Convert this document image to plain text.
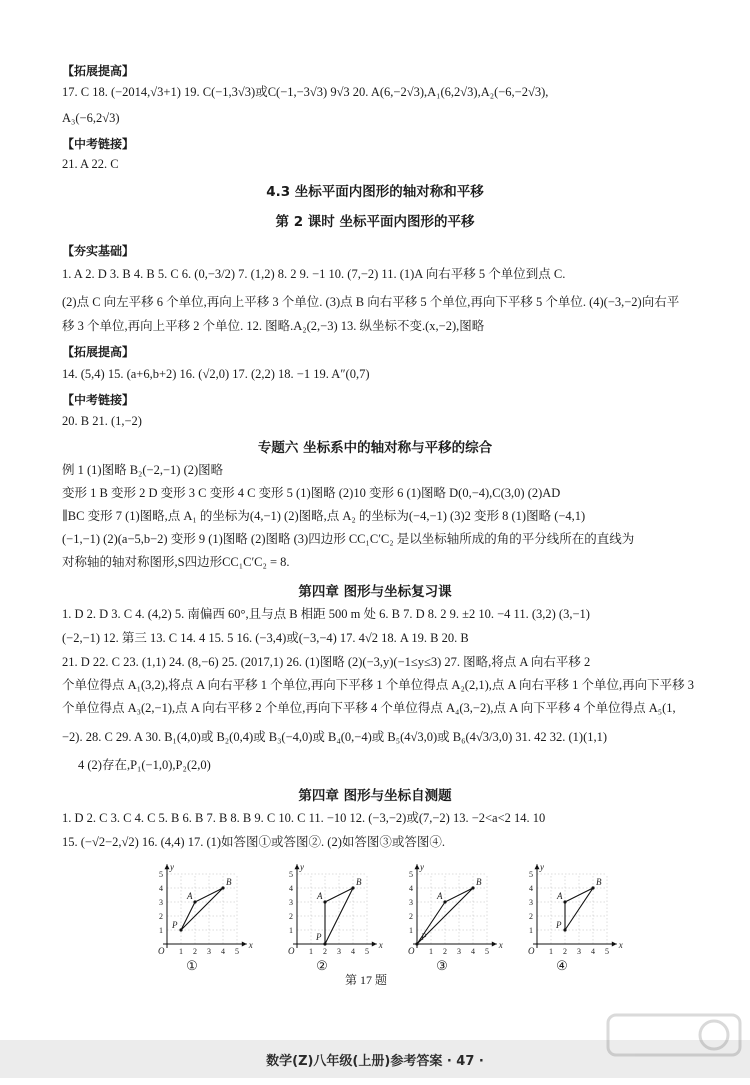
【拓展提高】
17. C 18. (−2014,√3+1) 19. C(−1,3√3)或C(−1,−3√3) 9√3 20. A(6,−2√3),A₁(6,2√3),A₂(−6,−2√3),
A₃(−6,2√3)
【中考链接】
21. A 22. C
4.3 坐标平面内图形的轴对称和平移
第 2 课时 坐标平面内图形的平移
【夯实基础】
1. A 2. D 3. B 4. B 5. C 6. (0,−3/2) 7. (1,2) 8. 2 9. −1 10. (7,−2) 11. (1)A 向右平移 5 个单位到点 C.
(2)点 C 向左平移 6 个单位,再向上平移 3 个单位. (3)点 B 向右平移 5 个单位,再向下平移 5 个单位. (4)(−3,−2)向右平
移 3 个单位,再向上平移 2 个单位. 12. 图略.A₂(2,−3) 13. 纵坐标不变.(x,−2),图略
【拓展提高】
14. (5,4) 15. (a+6,b+2) 16. (√2,0) 17. (2,2) 18. −1 19. A″(0,7)
【中考链接】
20. B 21. (1,−2)
专题六 坐标系中的轴对称与平移的综合
例 1 (1)图略 B₂(−2,−1) (2)图略
变形 1 B 变形 2 D 变形 3 C 变形 4 C 变形 5 (1)图略 (2)10 变形 6 (1)图略 D(0,−4),C(3,0) (2)AD
∥BC 变形 7 (1)图略,点 A₁ 的坐标为(4,−1) (2)图略,点 A₂ 的坐标为(−4,−1) (3)2 变形 8 (1)图略 (−4,1)
(−1,−1) (2)(a−5,b−2) 变形 9 (1)图略 (2)图略 (3)四边形 CC₁C′C₂ 是以坐标轴所成的角的平分线所在的直线为
对称轴的轴对称图形,S四边形CC₁C′C₂ = 8.
第四章 图形与坐标复习课
1. D 2. D 3. C 4. (4,2) 5. 南偏西 60°,且与点 B 相距 500 m 处 6. B 7. D 8. 2 9. ±2 10. −4 11. (3,2) (3,−1)
(−2,−1) 12. 第三 13. C 14. 4 15. 5 16. (−3,4)或(−3,−4) 17. 4√2 18. A 19. B 20. B
21. D 22. C 23. (1,1) 24. (8,−6) 25. (2017,1) 26. (1)图略 (2)(−3,y)(−1≤y≤3) 27. 图略,将点 A 向右平移 2
个单位得点 A₁(3,2),将点 A 向右平移 1 个单位,再向下平移 1 个单位得点 A₂(2,1),点 A 向右平移 1 个单位,再向下平移 3
个单位得点 A₃(2,−1),点 A 向右平移 2 个单位,再向下平移 4 个单位得点 A₄(3,−2),点 A 向下平移 4 个单位得点 A₅(1,
−2). 28. C 29. A 30. B₁(4,0)或 B₂(0,4)或 B₃(−4,0)或 B₄(0,−4)或 B₅(4√3,0)或 B₆(4√3/3,0) 31. 42 32. (1)(1,1)
4 (2)存在,P₁(−1,0),P₂(2,0)
第四章 图形与坐标自测题
1. D 2. C 3. C 4. C 5. B 6. B 7. B 8. B 9. C 10. C 11. −10 12. (−3,−2)或(7,−2) 13. −2<a<2 14. 10
15. (−√2−2,√2) 16. (4,4) 17. (1)如答图①或答图②. (2)如答图③或答图④.
1
2
3
4
5
1 2 3 4 5
O
x
y
A
B
P
1
2
3
4
5
1 2 3 4 5
O
x
y
A
B
P
1
2
3
4
5
1 2 3 4 5
O
x
y
A
B
P
1
2
3
4
5
1 2 3 4 5
O
x
y
A
B
P
第 17 题
数学(Z)八年级(上册)参考答案 · 47 ·
①	②	③	④
